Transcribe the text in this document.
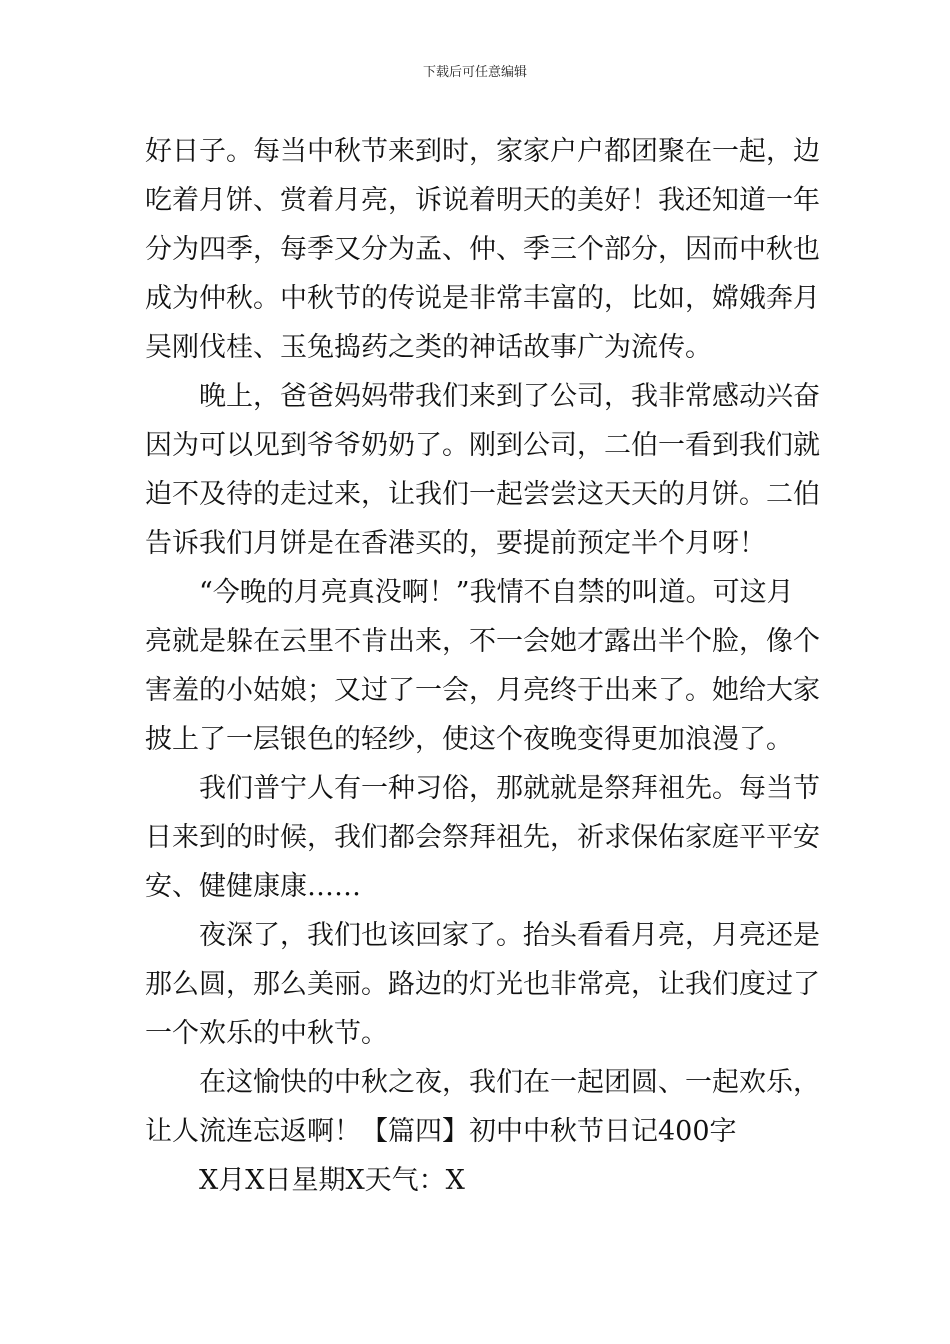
下载后可任意编辑
好日子。每当中秋节来到时，家家户户都团聚在一起，边
吃着月饼、赏着月亮，诉说着明天的美好！我还知道一年
分为四季，每季又分为孟、仲、季三个部分，因而中秋也
成为仲秋。中秋节的传说是非常丰富的，比如，嫦娥奔月
吴刚伐桂、玉兔捣药之类的神话故事广为流传。
晚上，爸爸妈妈带我们来到了公司，我非常感动兴奋
因为可以见到爷爷奶奶了。刚到公司，二伯一看到我们就
迫不及待的走过来，让我们一起尝尝这天天的月饼。二伯
告诉我们月饼是在香港买的，要提前预定半个月呀！
“今晚的月亮真没啊！”我情不自禁的叫道。可这月
亮就是躲在云里不肯出来，不一会她才露出半个脸，像个
害羞的小姑娘；又过了一会，月亮终于出来了。她给大家
披上了一层银色的轻纱，使这个夜晚变得更加浪漫了。
我们普宁人有一种习俗，那就就是祭拜祖先。每当节
日来到的时候，我们都会祭拜祖先，祈求保佑家庭平平安
安、健健康康……
夜深了，我们也该回家了。抬头看看月亮，月亮还是
那么圆，那么美丽。路边的灯光也非常亮，让我们度过了
一个欢乐的中秋节。
在这愉快的中秋之夜，我们在一起团圆、一起欢乐，
让人流连忘返啊！【篇四】初中中秋节日记400字
X月X日星期X天气：X
